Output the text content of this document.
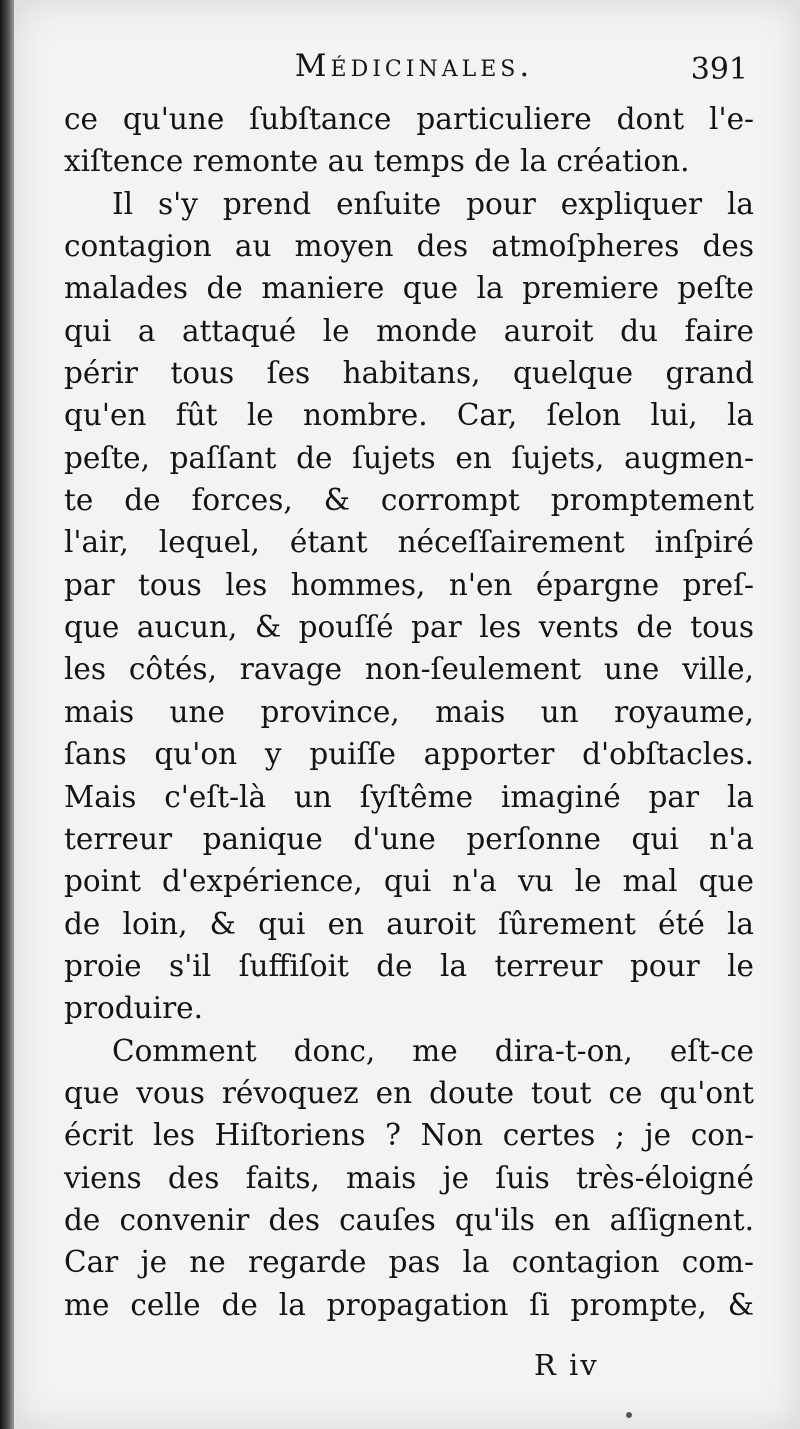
Médicinales.	391
ce qu'une ſubſtance particuliere dont l'e-
xiſtence remonte au temps de la création.
Il s'y prend enſuite pour expliquer la
contagion au moyen des atmoſpheres des
malades de maniere que la premiere peſte
qui a attaqué le monde auroit du faire
périr tous ſes habitans, quelque grand
qu'en fût le nombre. Car, ſelon lui, la
peſte, paſſant de ſujets en ſujets, augmen-
te de forces, & corrompt promptement
l'air, lequel, étant néceſſairement inſpiré
par tous les hommes, n'en épargne preſ-
que aucun, & pouſſé par les vents de tous
les côtés, ravage non-ſeulement une ville,
mais une province, mais un royaume,
ſans qu'on y puiſſe apporter d'obſtacles.
Mais c'eſt-là un ſyſtême imaginé par la
terreur panique d'une perſonne qui n'a
point d'expérience, qui n'a vu le mal que
de loin, & qui en auroit ſûrement été la
proie s'il ſuffiſoit de la terreur pour le
produire.
Comment donc, me dira-t-on, eſt-ce
que vous révoquez en doute tout ce qu'ont
écrit les Hiſtoriens ? Non certes ; je con-
viens des faits, mais je ſuis très-éloigné
de convenir des cauſes qu'ils en aſſignent.
Car je ne regarde pas la contagion com-
me celle de la propagation ſi prompte, &
R iv
